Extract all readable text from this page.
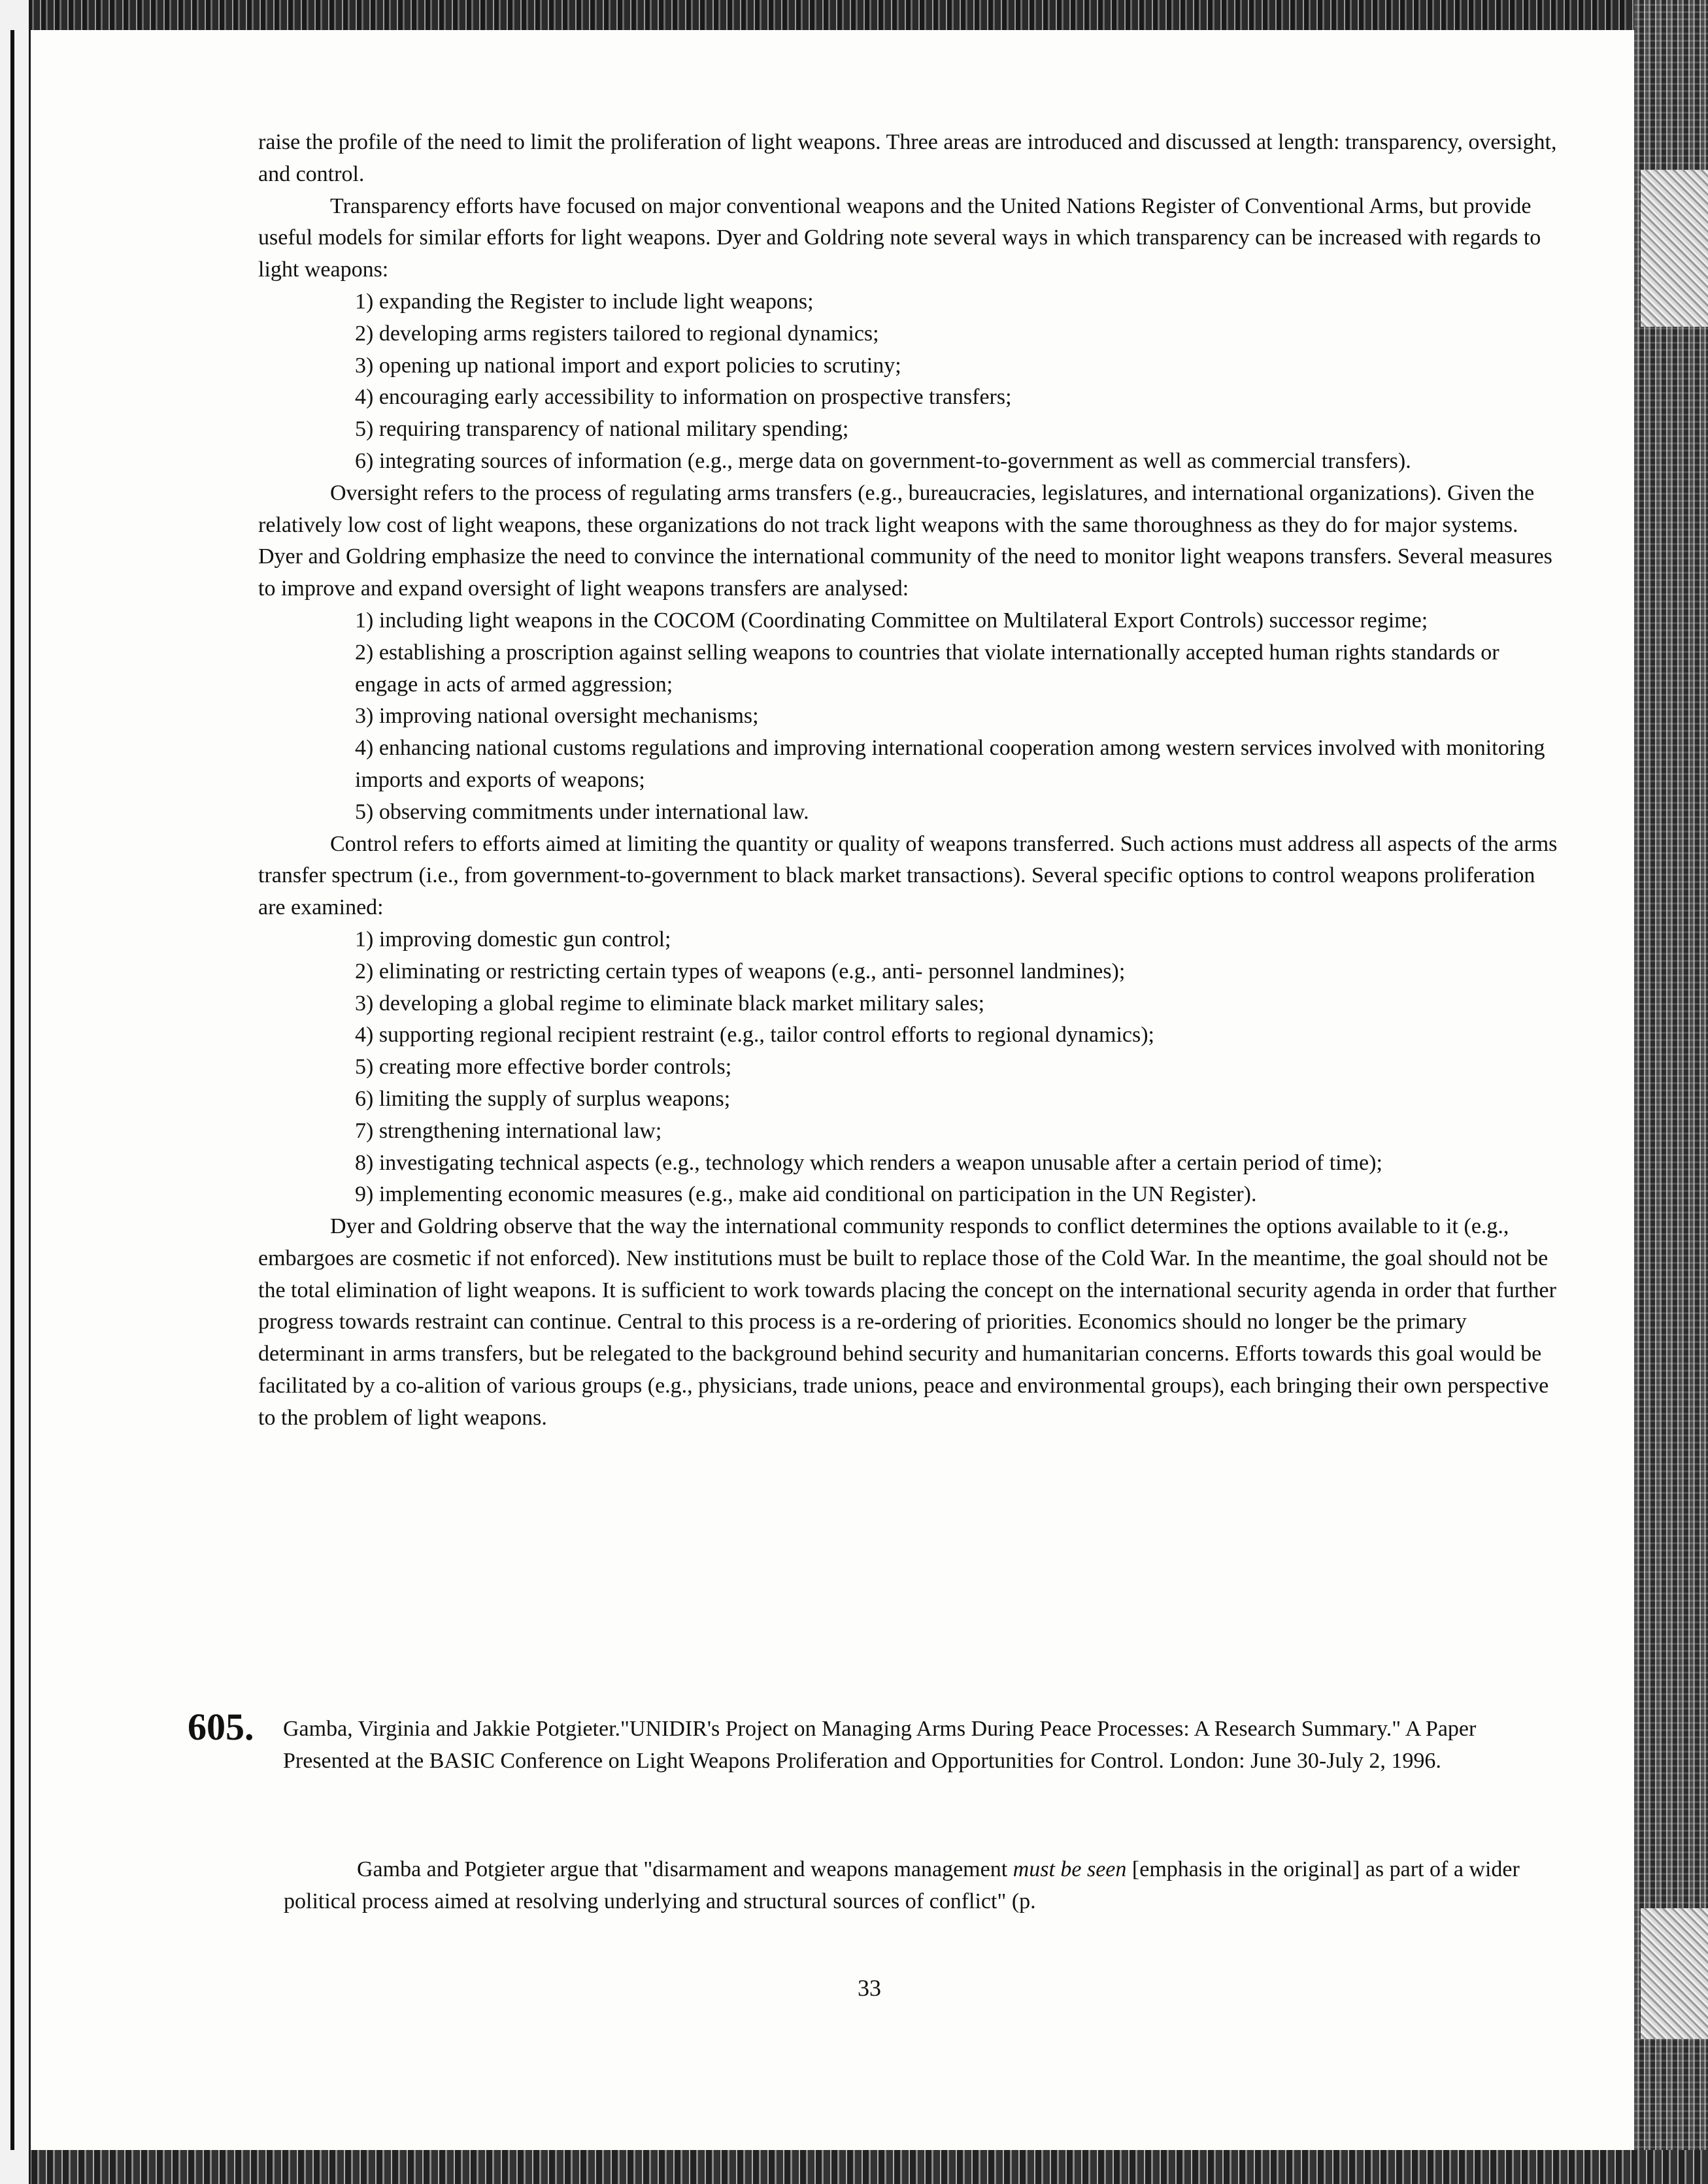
raise the profile of the need to limit the proliferation of light weapons. Three areas are introduced and discussed at length: transparency, oversight, and control.

Transparency efforts have focused on major conventional weapons and the United Nations Register of Conventional Arms, but provide useful models for similar efforts for light weapons. Dyer and Goldring note several ways in which transparency can be increased with regards to light weapons:

1) expanding the Register to include light weapons;

2) developing arms registers tailored to regional dynamics;

3) opening up national import and export policies to scrutiny;

4) encouraging early accessibility to information on prospective transfers;

5) requiring transparency of national military spending;

6) integrating sources of information (e.g., merge data on government-to-government as well as commercial transfers).

Oversight refers to the process of regulating arms transfers (e.g., bureaucracies, legislatures, and international organizations). Given the relatively low cost of light weapons, these organizations do not track light weapons with the same thoroughness as they do for major systems. Dyer and Goldring emphasize the need to convince the international community of the need to monitor light weapons transfers. Several measures to improve and expand oversight of light weapons transfers are analysed:

1) including light weapons in the COCOM (Coordinating Committee on Multilateral Export Controls) successor regime;

2) establishing a proscription against selling weapons to countries that violate internationally accepted human rights standards or engage in acts of armed aggression;

3) improving national oversight mechanisms;

4) enhancing national customs regulations and improving international cooperation among western services involved with monitoring imports and exports of weapons;

5) observing commitments under international law.

Control refers to efforts aimed at limiting the quantity or quality of weapons transferred. Such actions must address all aspects of the arms transfer spectrum (i.e., from government-to-government to black market transactions). Several specific options to control weapons proliferation are examined:

1) improving domestic gun control;

2) eliminating or restricting certain types of weapons (e.g., anti- personnel landmines);

3) developing a global regime to eliminate black market military sales;

4) supporting regional recipient restraint (e.g., tailor control efforts to regional dynamics);

5) creating more effective border controls;

6) limiting the supply of surplus weapons;

7) strengthening international law;

8) investigating technical aspects (e.g., technology which renders a weapon unusable after a certain period of time);

9) implementing economic measures (e.g., make aid conditional on participation in the UN Register).

Dyer and Goldring observe that the way the international community responds to conflict determines the options available to it (e.g., embargoes are cosmetic if not enforced). New institutions must be built to replace those of the Cold War. In the meantime, the goal should not be the total elimination of light weapons. It is sufficient to work towards placing the concept on the international security agenda in order that further progress towards restraint can continue. Central to this process is a re-ordering of priorities. Economics should no longer be the primary determinant in arms transfers, but be relegated to the background behind security and humanitarian concerns. Efforts towards this goal would be facilitated by a co-alition of various groups (e.g., physicians, trade unions, peace and environmental groups), each bringing their own perspective to the problem of light weapons.

605. Gamba, Virginia and Jakkie Potgieter."UNIDIR's Project on Managing Arms During Peace Processes: A Research Summary." A Paper Presented at the BASIC Conference on Light Weapons Proliferation and Opportunities for Control. London: June 30-July 2, 1996.

Gamba and Potgieter argue that "disarmament and weapons management must be seen [emphasis in the original] as part of a wider political process aimed at resolving underlying and structural sources of conflict" (p.

33
